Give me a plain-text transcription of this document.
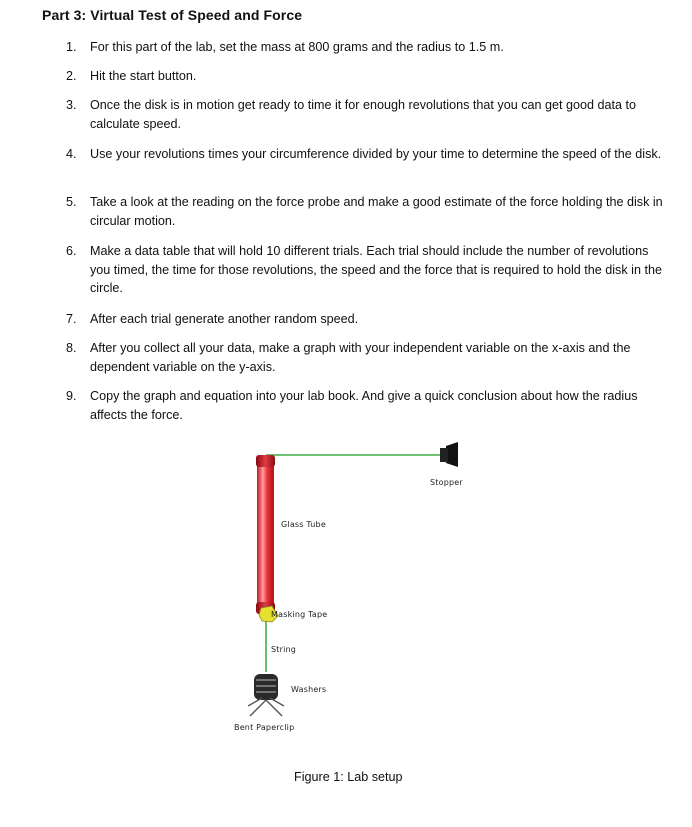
Part 3: Virtual Test of Speed and Force
1.	For this part of the lab, set the mass at 800 grams and the radius to 1.5 m.
2.	Hit the start button.
3.	Once the disk is in motion get ready to time it for enough revolutions that you can get good data to calculate speed.
4.	Use your revolutions times your circumference divided by your time to determine the speed of the disk.
5.	Take a look at the reading on the force probe and make a good estimate of the force holding the disk in circular motion.
6.	Make a data table that will hold 10 different trials. Each trial should include the number of revolutions you timed, the time for those revolutions, the speed and the force that is required to hold the disk in the circle.
7.	After each trial generate another random speed.
8.	After you collect all your data, make a graph with your independent variable on the x-axis and the dependent variable on the y-axis.
9.	Copy the graph and equation into your lab book. And give a quick conclusion about how the radius affects the force.
Stopper
Glass Tube
Masking Tape
String
Washers
Bent Paperclip
Figure 1: Lab setup
